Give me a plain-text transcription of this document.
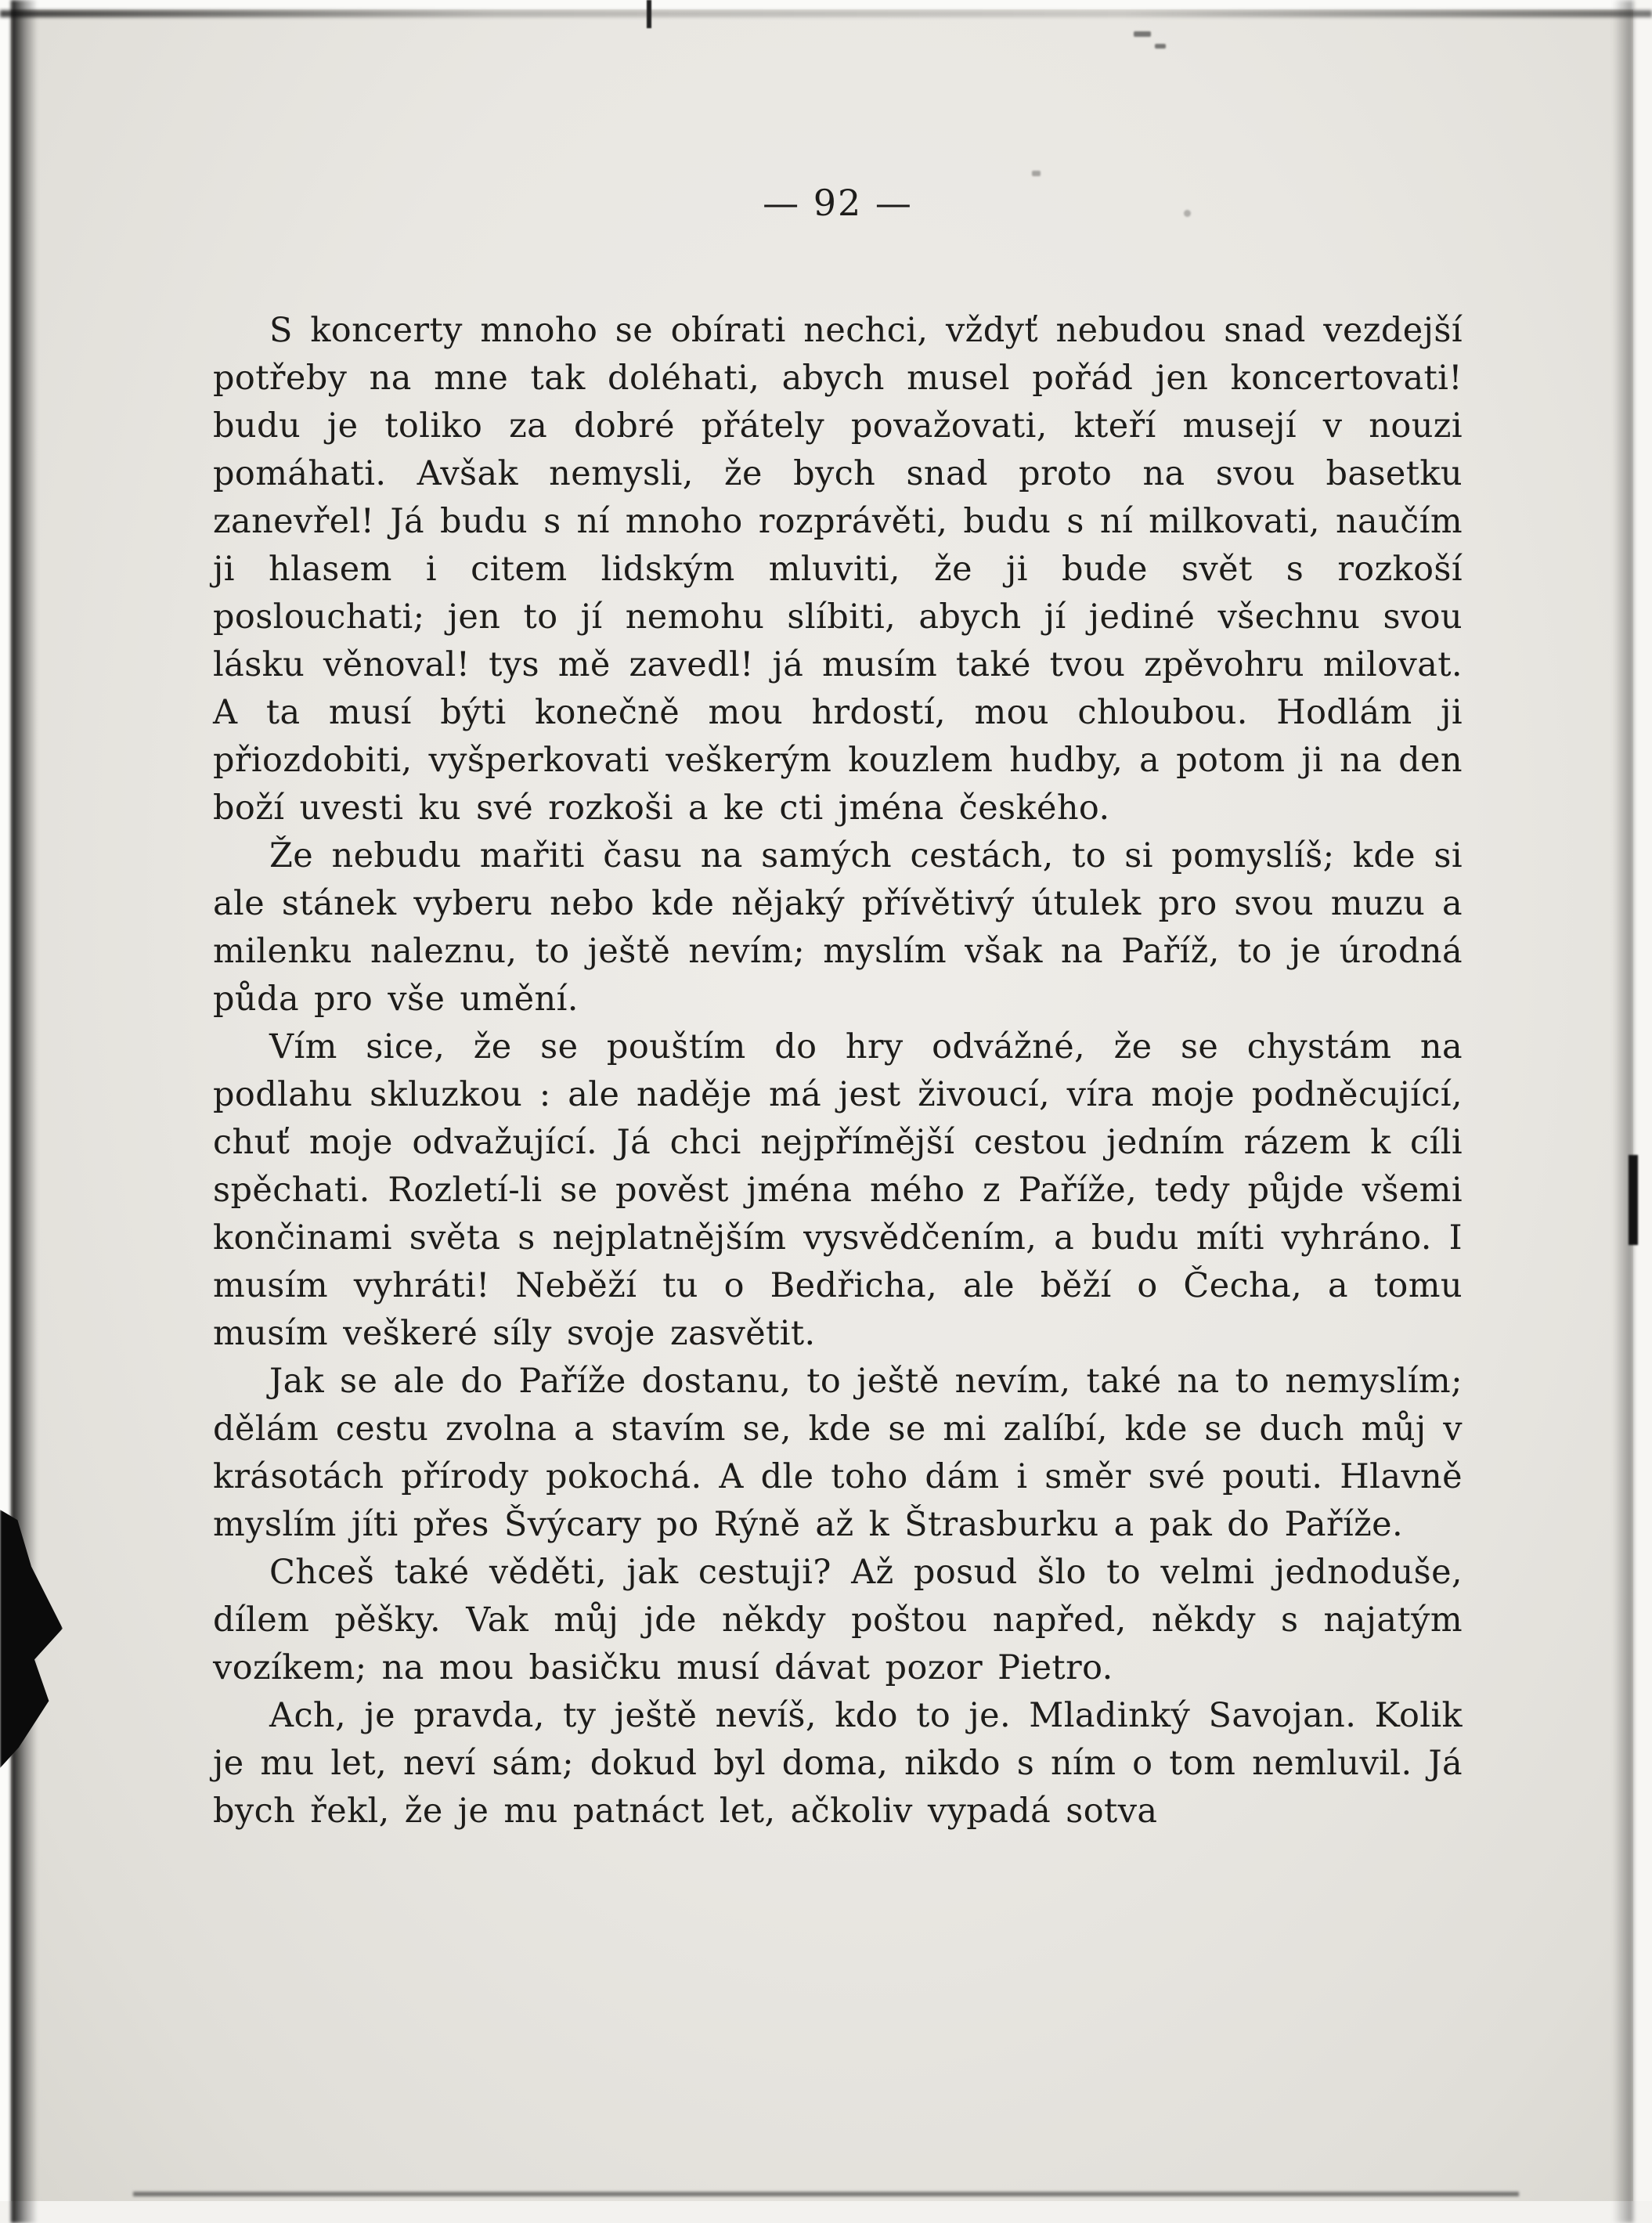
— 92 —

S koncerty mnoho se obírati nechci, vždyť nebudou snad vezdejší potřeby na mne tak doléhati, abych musel pořád jen koncertovati! budu je toliko za dobré přátely považovati, kteří musejí v nouzi pomáhati. Avšak nemysli, že bych snad proto na svou basetku zanevřel! Já budu s ní mnoho rozprávěti, budu s ní milkovati, naučím ji hlasem i citem lidským mluviti, že ji bude svět s rozkoší poslouchati; jen to jí nemohu slíbiti, abych jí jediné všechnu svou lásku věnoval! tys mě zavedl! já musím také tvou zpěvohru milovat. A ta musí býti konečně mou hrdostí, mou chloubou. Hodlám ji přiozdobiti, vyšperkovati veškerým kouzlem hudby, a potom ji na den boží uvesti ku své rozkoši a ke cti jména českého.

Že nebudu mařiti času na samých cestách, to si pomyslíš; kde si ale stánek vyberu nebo kde nějaký přívětivý útulek pro svou muzu a milenku naleznu, to ještě nevím; myslím však na Paříž, to je úrodná půda pro vše umění.

Vím sice, že se pouštím do hry odvážné, že se chystám na podlahu skluzkou : ale naděje má jest živoucí, víra moje podněcující, chuť moje odvažující. Já chci nejpřímější cestou jedním rázem k cíli spěchati. Rozletí-li se pověst jména mého z Paříže, tedy půjde všemi končinami světa s nejplatnějším vysvědčením, a budu míti vyhráno. I musím vyhráti! Neběží tu o Bedřicha, ale běží o Čecha, a tomu musím veškeré síly svoje zasvětit.

Jak se ale do Paříže dostanu, to ještě nevím, také na to nemyslím; dělám cestu zvolna a stavím se, kde se mi zalíbí, kde se duch můj v krásotách přírody pokochá. A dle toho dám i směr své pouti. Hlavně myslím jíti přes Švýcary po Rýně až k Štrasburku a pak do Paříže.

Chceš také věděti, jak cestuji? Až posud šlo to velmi jednoduše, dílem pěšky. Vak můj jde někdy poštou napřed, někdy s najatým vozíkem; na mou basičku musí dávat pozor Pietro.

Ach, je pravda, ty ještě nevíš, kdo to je. Mladinký Savojan. Kolik je mu let, neví sám; dokud byl doma, nikdo s ním o tom nemluvil. Já bych řekl, že je mu patnáct let, ačkoliv vypadá sotva
